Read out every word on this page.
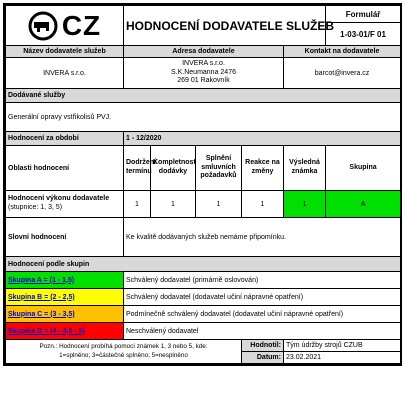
CZ	HODNOCENÍ DODAVATELE SLUŽEB					Formulář
						1-03-01/F 01
Název dodavatele služeb	Adresa dodavatele				Kontakt na dodavatele	
INVERA s.r.o.	INVERA s.r.o.
S.K.Neumanna 2476
269 01 Rakovník				barcot@invera.cz	
Dodávané služby						
Generální opravy vstřikolisů PVJ.						
Hodnocení za období	1 - 12/2020					
Oblasti hodnocení	Dodržení termínu	Kompletnost dodávky	Splnění smluvních požadavků	Reakce na změny	Výsledná známka	Skupina

Hodnocení výkonu dodavatele
(stupnice: 1, 3, 5)	1	1	1	1	1	A
Slovní hodnocení	Ke kvalitě dodávaných služeb nemáme připomínku.					
Hodnocení podle skupin						
Skupina A = (1 - 1,5)	Schválený dodavatel (primárně oslovován)					
Skupina B = (2 - 2,5)	Schválený dodavatel (dodavatel učiní nápravné opatření)					
Skupina C = (3 - 3,5)	Podmínečně schválený dodavatel (dodavatel učiní nápravné opatření)					
Skupina D = (4 - 4,5 - 5)	Neschválený dodavatel					

Pozn.: Hodnocení probíhá pomocí známek 1, 3 nebo 5, kde:
1=splněno; 3=částečně splněno; 5=nesplněno				Hodnotil:	Tým údržby strojů CZUB	
				Datum:	23.02.2021	
